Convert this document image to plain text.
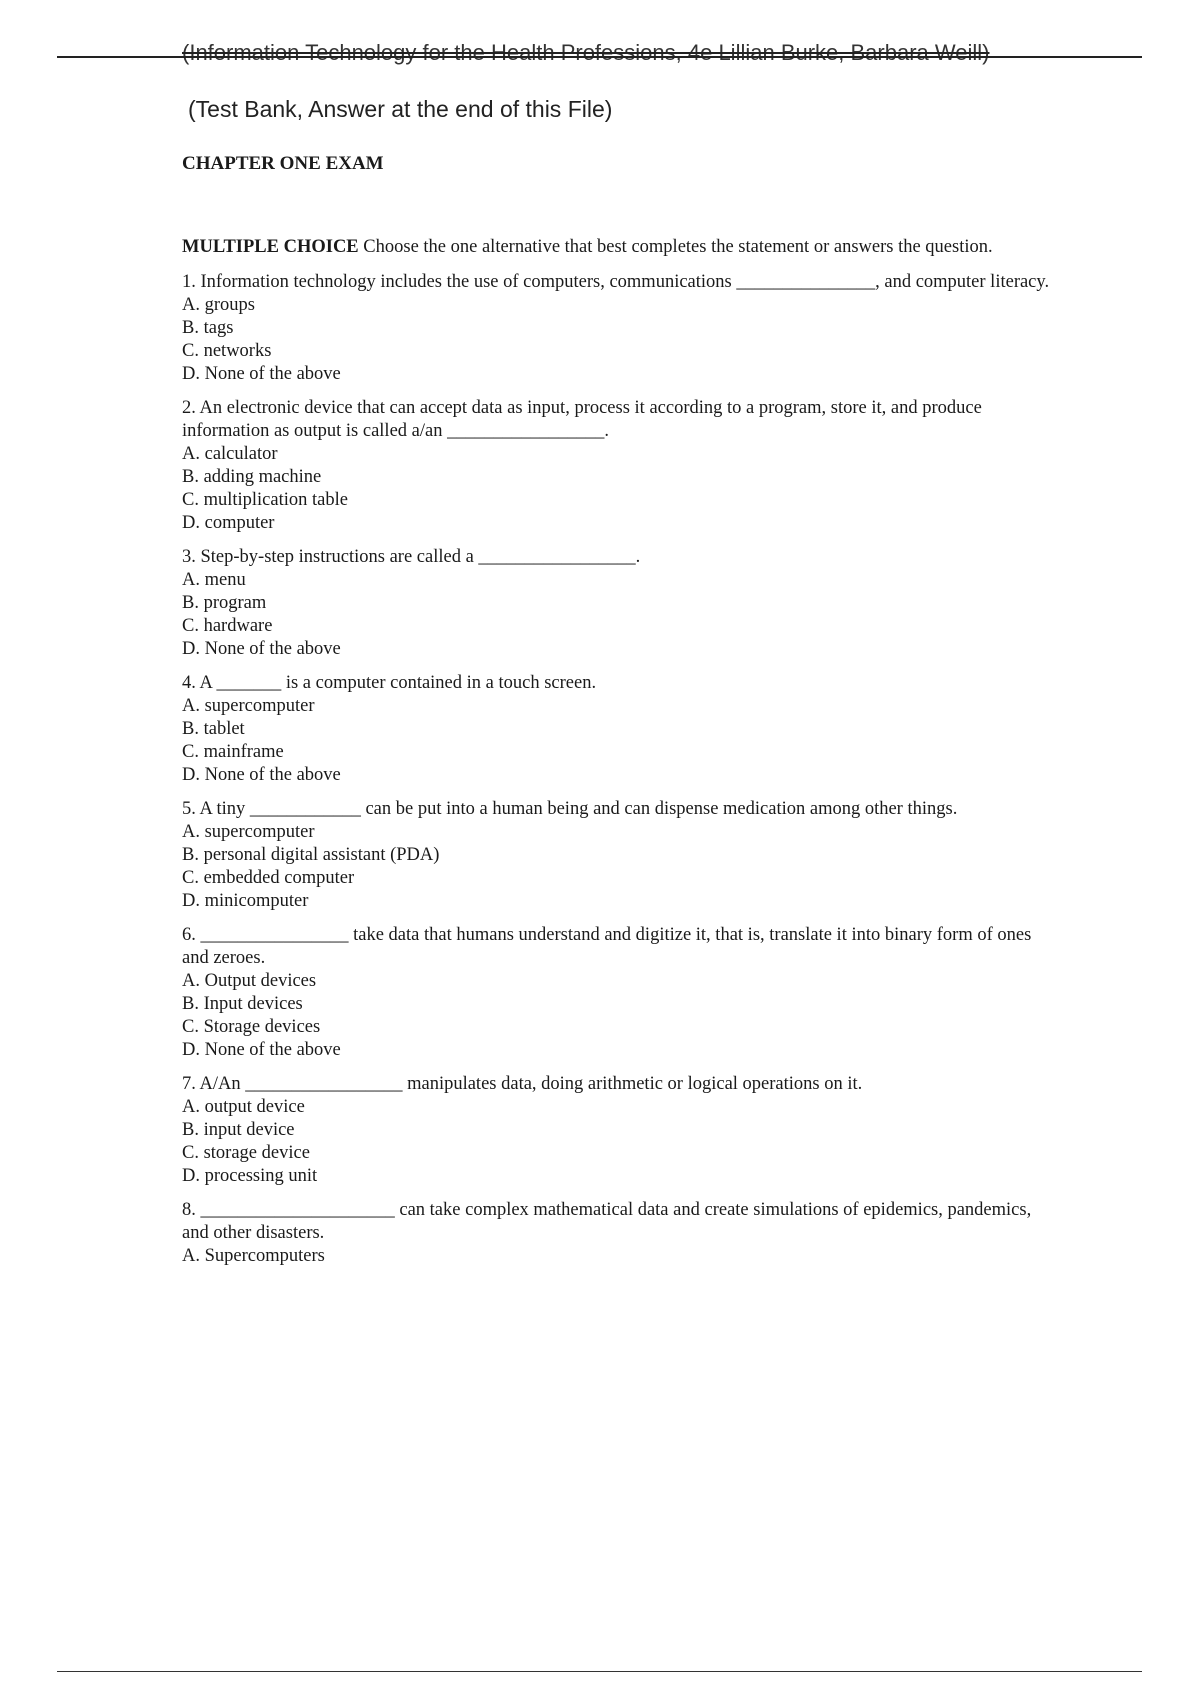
(Information Technology for the Health Professions, 4e Lillian Burke, Barbara Weill)
(Test Bank, Answer at the end of this File)
CHAPTER ONE EXAM

MULTIPLE CHOICE Choose the one alternative that best completes the statement or answers the question.

1. Information technology includes the use of computers, communications _______________, and computer literacy.

A. groups
B. tags
C. networks
D. None of the above

2. An electronic device that can accept data as input, process it according to a program, store it, and produce information as output is called a/an _________________.

A. calculator
B. adding machine
C. multiplication table
D. computer

3. Step-by-step instructions are called a _________________.

A. menu
B. program
C. hardware
D. None of the above

4. A _______ is a computer contained in a touch screen.

A. supercomputer
B. tablet
C. mainframe
D. None of the above

5. A tiny ____________ can be put into a human being and can dispense medication among other things.

A. supercomputer
B. personal digital assistant (PDA)
C. embedded computer
D. minicomputer

6. ________________ take data that humans understand and digitize it, that is, translate it into binary form of ones and zeroes.

A. Output devices
B. Input devices
C. Storage devices
D. None of the above

7. A/An _________________ manipulates data, doing arithmetic or logical operations on it.

A. output device
B. input device
C. storage device
D. processing unit

8. _____________________ can take complex mathematical data and create simulations of epidemics, pandemics, and other disasters.

A. Supercomputers
